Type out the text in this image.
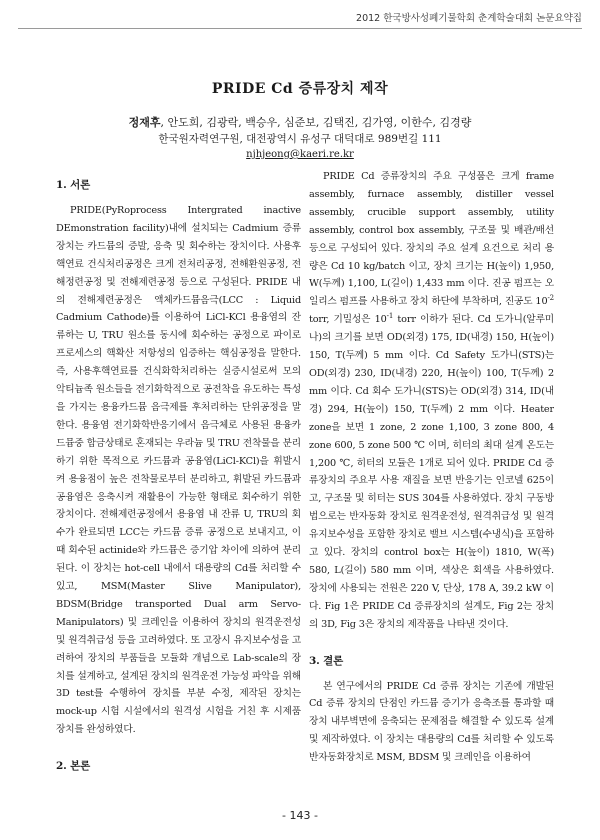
2012 한국방사성폐기물학회 춘계학술대회 논문요약집
PRIDE Cd 증류장치 제작
정재후, 안도희, 김광락, 백승우, 심준보, 김택진, 김가영, 이한수, 김경량
한국원자력연구원, 대전광역시 유성구 대덕대로 989번길 111
njhjeong@kaeri.re.kr

1. 서론

PRIDE(PyRoprocess Intergrated inactive DEmonstration facility)내에 설치되는 Cadmium 증류장치는 카드뮴의 증발, 응축 및 회수하는 장치이다. 사용후핵연료 건식처리공정은 크게 전처리공정, 전해환원공정, 전해정련공정 및 전해제련공정 등으로 구성된다. PRIDE 내의 전해제련공정은 액체카드뮴음극(LCC : Liquid Cadmium Cathode)를 이용하여 LiCl-KCl 용융염의 잔류하는 U, TRU 원소를 동시에 회수하는 공정으로 파이로 프로세스의 핵확산 저항성의 입증하는 핵심공정을 말한다. 즉, 사용후핵연료를 건식화학처리하는 실증시설로써 모의 악티늄족 원소들을 전기화학적으로 공전착을 유도하는 특성을 가지는 용융카드뮴 음극제를 후처리하는 단위공정을 말한다. 용융염 전기화학반응기에서 음극체로 사용된 용융카드뮴중 합금상태로 혼재되는 우라늄 및 TRU 전착물을 분리하기 위한 목적으로 카드뮴과 공융염(LiCl-KCl)을 휘발시켜 용융점이 높은 전착물로부터 분리하고, 휘발된 카드뮴과 공융염은 응축시켜 재활용이 가능한 형태로 회수하기 위한 장치이다. 전해제련공정에서 용융염 내 잔류 U, TRU의 회수가 완료되면 LCC는 카드뮴 증류 공정으로 보내지고, 이때 회수된 actinide와 카드뮴은 증기압 차이에 의하여 분리된다. 이 장치는 hot-cell 내에서 대용량의 Cd를 처리할 수 있고, MSM(Master Slive Manipulator), BDSM(Bridge transported Dual arm Servo-Manipulators) 및 크레인을 이용하여 장치의 원격운전성 및 원격취급성 등을 고려하였다. 또 고장시 유지보수성을 고려하여 장치의 부품들을 모듈화 개념으로 Lab-scale의 장치를 설계하고, 설계된 장치의 원격운전 가능성 파악을 위해 3D test를 수행하여 장치를 부분 수정, 제작된 장치는 mock-up 시험 시설에서의 원격성 시험을 거친 후 시제품 장치를 완성하였다.

2. 본론

PRIDE Cd 증류장치의 주요 구성품은 크게 frame assembly, furnace assembly, distiller vessel assembly, crucible support assembly, utility assembly, control box assembly, 구조물 및 배관/배선 등으로 구성되어 있다. 장치의 주요 설계 요건으로 처리 용량은 Cd 10 kg/batch 이고, 장치 크기는 H(높이) 1,950, W(두께) 1,100, L(길이) 1,433 mm 이다. 진공 펌프는 오일리스 펌프를 사용하고 장치 하단에 부착하며, 진공도 $10^{-2}$ torr, 기밀성은 $10^{-1}$ torr 이하가 된다. Cd 도가니(알루미나)의 크기를 보면 OD(외경) 175, ID(내경) 150, H(높이) 150, T(두께) 5 mm 이다. Cd Safety 도가니(STS)는 OD(외경) 230, ID(내경) 220, H(높이) 100, T(두께) 2 mm 이다. Cd 회수 도가니(STS)는 OD(외경) 314, ID(내경) 294, H(높이) 150, T(두께) 2 mm 이다. Heater zone을 보면 1 zone, 2 zone 1,100, 3 zone 800, 4 zone 600, 5 zone 500 ℃ 이며, 히터의 최대 설계 온도는 1,200 ℃, 히터의 모듈은 1개로 되어 있다. PRIDE Cd 증류장치의 주요부 사용 재질을 보면 반응기는 인코넬 625이고, 구조물 및 히터는 SUS 304를 사용하였다. 장치 구동방법으로는 반자동화 장치로 원격운전성, 원격취급성 및 원격유지보수성을 포함한 장치로 밸브 시스템(수냉식)을 포함하고 있다. 장치의 control box는 H(높이) 1810, W(폭) 580, L(길이) 580 mm 이며, 색상은 회색을 사용하였다. 장치에 사용되는 전원은 220 V, 단상, 178 A, 39.2 kW 이다. Fig 1은 PRIDE Cd 증류장치의 설계도, Fig 2는 장치의 3D, Fig 3은 장치의 제작품을 나타낸 것이다.

3. 결론

본 연구에서의 PRIDE Cd 증류 장치는 기존에 개발된 Cd 증류 장치의 단점인 카드뮴 증기가 응축조를 통과할 때 장치 내부벽면에 응축되는 문제점을 해결할 수 있도록 설계 및 제작하였다. 이 장치는 대용량의 Cd를 처리할 수 있도록 반자동화장치로 MSM, BDSM 및 크레인을 이용하여

- 143 -
